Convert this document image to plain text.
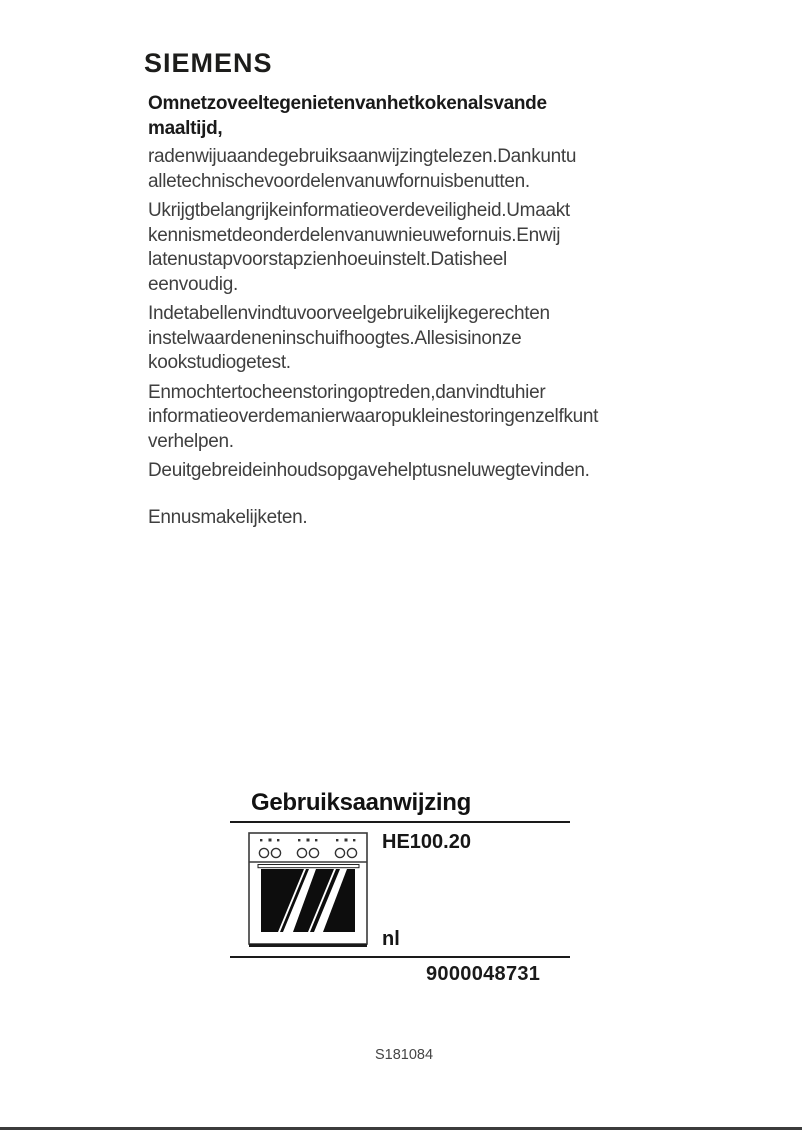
SIEMENS
Omnetzoveeltegenietenvanhetkokenalsvande
maaltijd,
radenwijuaandegebruiksaanwijzingtelezen.Dankuntu
alletechnischevoordelenvanuwfornuisbenutten.
Ukrijgtbelangrijkeinformatieoverdeveiligheid.Umaakt
kennismetdeonderdelenvanuwnieuwefornuis.Enwij
latenustapvoorstapzienhoeuinstelt.Datisheel
eenvoudig.
Indetabellenvindtuvoorveelgebruikelijkegerechten
instelwaardeneninschuifhoogtes.Allesisinonze
kookstudiogetest.
Enmochtertocheenstoringoptreden,danvindtuhier
informatieoverdemanierwaaropukleinestoringenzelfkunt
verhelpen.
Deuitgebreideinhoudsopgavehelptusneluwegtevinden.
Ennusmakelijketen.
Gebruiksaanwijzing
HE100.20
nl
9000048731
S181084
